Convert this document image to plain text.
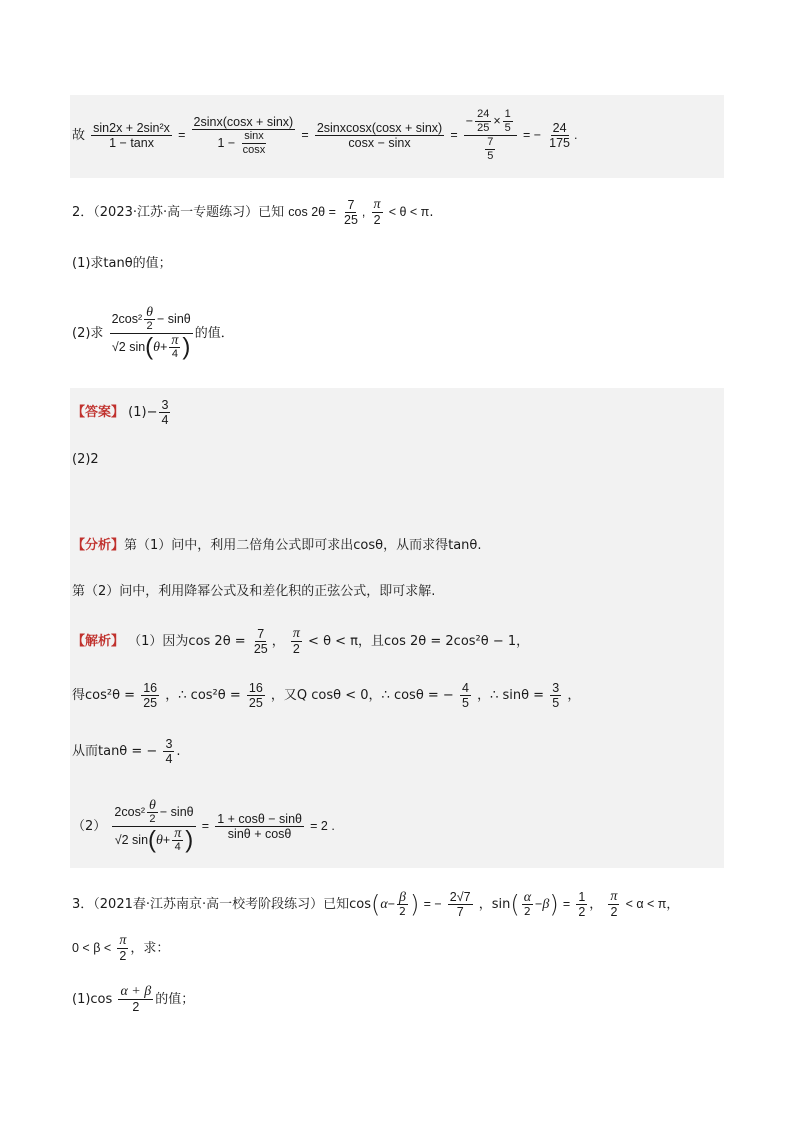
故 $\frac{\text{sin2x + 2sin²x}}{1 - \tan x} = \frac{2\sin x(\cos x + \sin x)}{1 - \frac{\sin x}{\cos x}} = \frac{\text{2sinxcosx(cosx + sinx)}}{\cos x - \sin x} = \frac{- \frac{24}{25} \times \frac{1}{5}}{\frac{7}{5}}$ = − $\frac{24}{175}$ .
2．（2023·江苏·高一专题练习）已知 $\cos 2\theta = \frac{7}{25}$ , $\frac{\pi}{2} < \theta < \pi$.
(1)求tanθ的值；
(2)求 $\frac{2\cos^2 \frac{\theta}{2} - \sin\theta}{√2 \sin(\theta+ \frac{\pi}{4} )}$ 的值．
【答案】 $(1)- \frac{3}{4}$
(2)2
【分析】第（1）问中，利用二倍角公式即可求出cosθ，从而求得tanθ.
第（2）问中，利用降幂公式及和差化积的正弦公式，即可求解.
【解析】 （1）因为$\cos 2\theta = \frac{7}{25}$ ， $\frac{\pi}{2} < \theta < \pi$，且cos 2θ = 2cos²θ − 1，
得$\cos^2\theta = \frac{16}{25}$ ，∴ $\cos^2\theta = \frac{16}{25}$ ，又Q cosθ < 0，∴ cosθ = − $\frac{4}{5}$ ，∴ $\sin\theta = \frac{3}{5}$ ，
从而tanθ = − $\frac{3}{4}$ .
$(2) \frac{2\cos^2 \frac{\theta}{2} - \sin\theta}{√2 \sin(\theta+ \frac{\pi}{4} )} = \frac{1 + \cos\theta - \sin\theta}{\sin\theta + \cos\theta} = 2$ .
3．（2021春·江苏南京·高一校考阶段练习）已知$\cos(\alpha- \frac{\beta}{2}$ ) = − $\frac{2√7}{7}$ ，$\sin( \frac{\alpha}{2} -\beta) = \frac{1}{2}$ ， $\frac{\pi}{2} < \alpha < \pi$，
$0 < \beta < \frac{\pi}{2}$ ，求：
$(1)\cos \frac{\alpha + \beta}{2}$ 的值；
